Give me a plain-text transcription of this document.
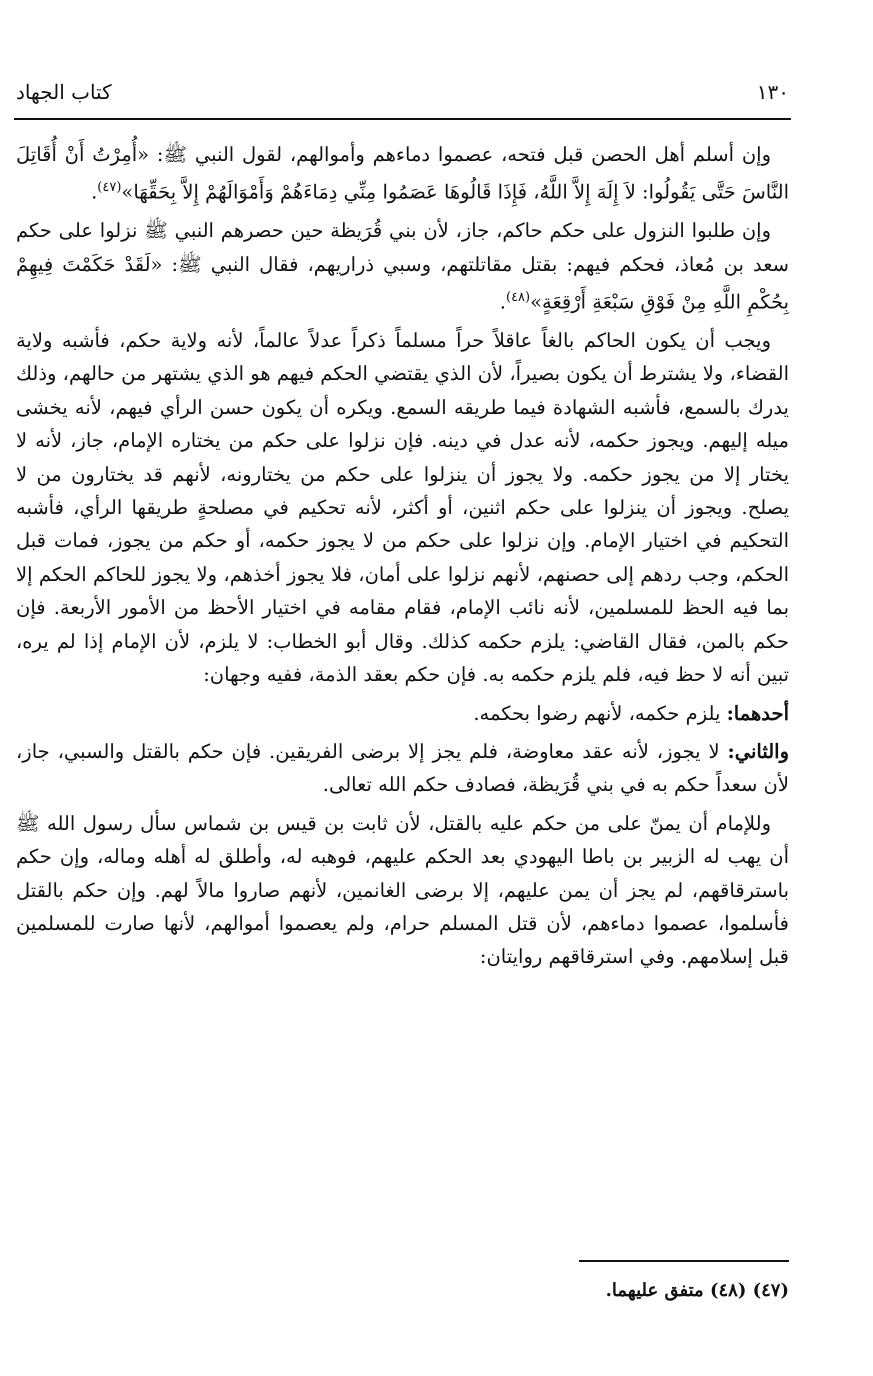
١٣٠
كتاب الجهاد

وإن أسلم أهل الحصن قبل فتحه، عصموا دماءهم وأموالهم، لقول النبي ﷺ: «أُمِرْتُ أَنْ أُقَاتِلَ النَّاسَ حَتَّى يَقُولُوا: لاَ إِلَهَ إِلاَّ اللَّهُ، فَإِذَا قَالُوهَا عَصَمُوا مِنِّي دِمَاءَهُمْ وَأَمْوَالَهُمْ إِلاَّ بِحَقِّهَا»$^{(٤٧)}$.

وإن طلبوا النزول على حكم حاكم، جاز، لأن بني قُرَيظة حين حصرهم النبي ﷺ نزلوا على حكم سعد بن مُعاذ، فحكم فيهم: بقتل مقاتلتهم، وسبي ذراريهم، فقال النبي ﷺ: «لَقَدْ حَكَمْتَ فِيهِمْ بِحُكْمِ اللَّهِ مِنْ فَوْقِ سَبْعَةِ أَرْقِعَةٍ»$^{(٤٨)}$.

ويجب أن يكون الحاكم بالغاً عاقلاً حراً مسلماً ذكراً عدلاً عالماً، لأنه ولاية حكم، فأشبه ولاية القضاء، ولا يشترط أن يكون بصيراً، لأن الذي يقتضي الحكم فيهم هو الذي يشتهر من حالهم، وذلك يدرك بالسمع، فأشبه الشهادة فيما طريقه السمع. ويكره أن يكون حسن الرأي فيهم، لأنه يخشى ميله إليهم. ويجوز حكمه، لأنه عدل في دينه. فإن نزلوا على حكم من يختاره الإمام، جاز، لأنه لا يختار إلا من يجوز حكمه. ولا يجوز أن ينزلوا على حكم من يختارونه، لأنهم قد يختارون من لا يصلح. ويجوز أن ينزلوا على حكم اثنين، أو أكثر، لأنه تحكيم في مصلحةٍ طريقها الرأي، فأشبه التحكيم في اختيار الإمام. وإن نزلوا على حكم من لا يجوز حكمه، أو حكم من يجوز، فمات قبل الحكم، وجب ردهم إلى حصنهم، لأنهم نزلوا على أمان، فلا يجوز أخذهم، ولا يجوز للحاكم الحكم إلا بما فيه الحظ للمسلمين، لأنه نائب الإمام، فقام مقامه في اختيار الأحظ من الأمور الأربعة. فإن حكم بالمن، فقال القاضي: يلزم حكمه كذلك. وقال أبو الخطاب: لا يلزم، لأن الإمام إذا لم يره، تبين أنه لا حظ فيه، فلم يلزم حكمه به. فإن حكم بعقد الذمة، ففيه وجهان:

أحدهما: يلزم حكمه، لأنهم رضوا بحكمه.

والثاني: لا يجوز، لأنه عقد معاوضة، فلم يجز إلا برضى الفريقين. فإن حكم بالقتل والسبي، جاز، لأن سعداً حكم به في بني قُرَيظة، فصادف حكم الله تعالى.

وللإمام أن يمنّ على من حكم عليه بالقتل، لأن ثابت بن قيس بن شماس سأل رسول الله ﷺ أن يهب له الزبير بن باطا اليهودي بعد الحكم عليهم، فوهبه له، وأطلق له أهله وماله، وإن حكم باسترقاقهم، لم يجز أن يمن عليهم، إلا برضى الغانمين، لأنهم صاروا مالاً لهم. وإن حكم بالقتل فأسلموا، عصموا دماءهم، لأن قتل المسلم حرام، ولم يعصموا أموالهم، لأنها صارت للمسلمين قبل إسلامهم. وفي استرقاقهم روايتان:

(٤٧) (٤٨) متفق عليهما.
